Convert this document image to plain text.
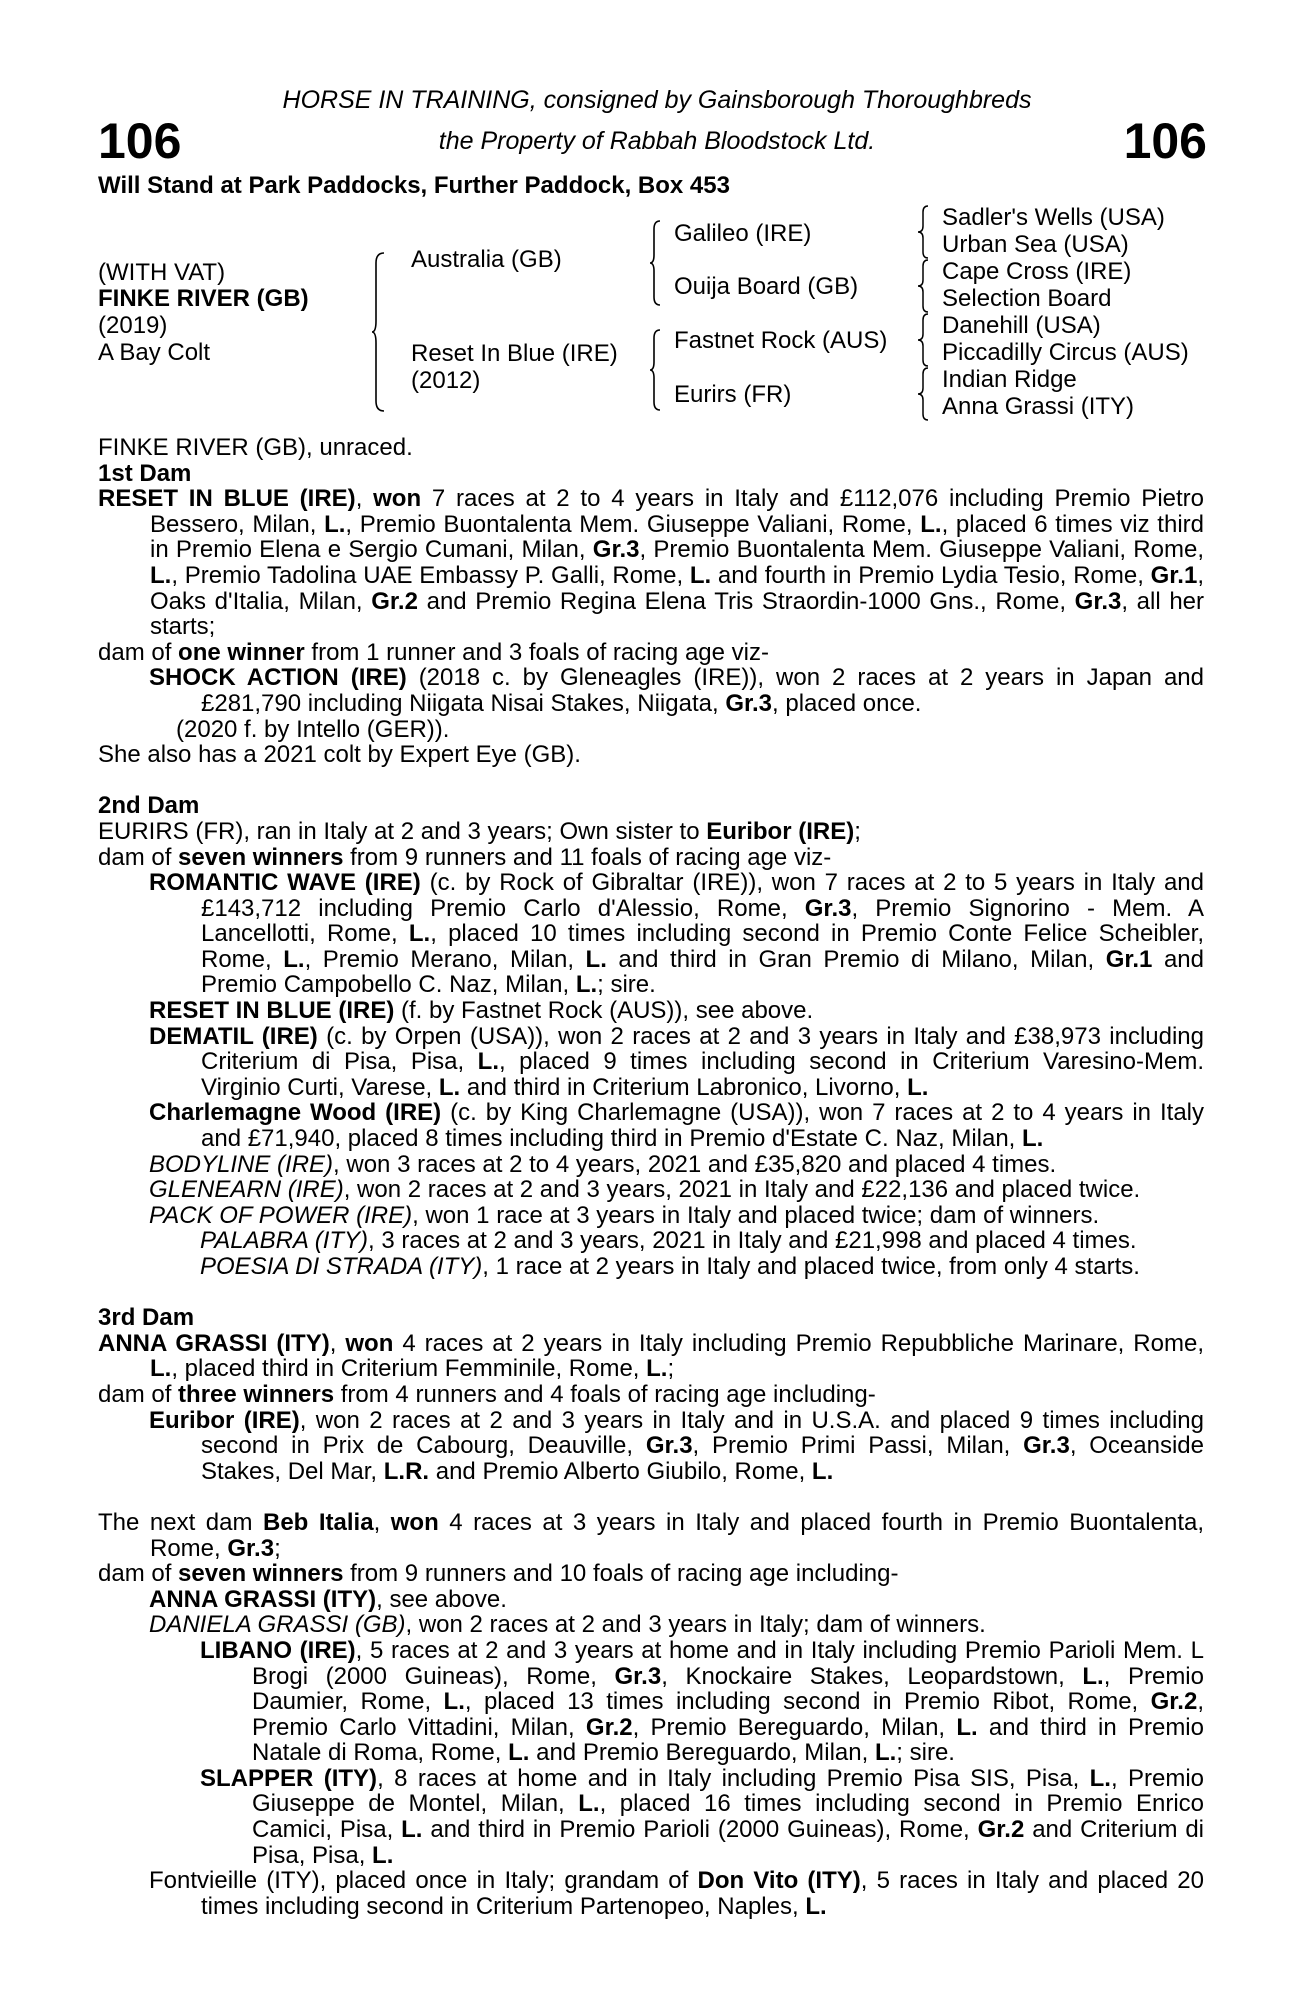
106	106
HORSE IN TRAINING, consigned by Gainsborough Thoroughbreds
the Property of Rabbah Bloodstock Ltd.
Will Stand at Park Paddocks, Further Paddock, Box 453
(WITH VAT)
FINKE RIVER (GB)
(2019)
A Bay Colt
Australia (GB)
Reset In Blue (IRE)
(2012)
Galileo (IRE)
Ouija Board (GB)
Fastnet Rock (AUS)
Eurirs (FR)
Sadler's Wells (USA)
Urban Sea (USA)
Cape Cross (IRE)
Selection Board
Danehill (USA)
Piccadilly Circus (AUS)
Indian Ridge
Anna Grassi (ITY)

FINKE RIVER (GB), unraced.

1st Dam

RESET IN BLUE (IRE), won 7 races at 2 to 4 years in Italy and £112,076 including Premio Pietro Bessero, Milan, L., Premio Buontalenta Mem. Giuseppe Valiani, Rome, L., placed 6 times viz third in Premio Elena e Sergio Cumani, Milan, Gr.3, Premio Buontalenta Mem. Giuseppe Valiani, Rome, L., Premio Tadolina UAE Embassy P. Galli, Rome, L. and fourth in Premio Lydia Tesio, Rome, Gr.1, Oaks d'Italia, Milan, Gr.2 and Premio Regina Elena Tris Straordin-1000 Gns., Rome, Gr.3, all her starts;

dam of one winner from 1 runner and 3 foals of racing age viz-

SHOCK ACTION (IRE) (2018 c. by Gleneagles (IRE)), won 2 races at 2 years in Japan and £281,790 including Niigata Nisai Stakes, Niigata, Gr.3, placed once.

(2020 f. by Intello (GER)).

She also has a 2021 colt by Expert Eye (GB).

2nd Dam

EURIRS (FR), ran in Italy at 2 and 3 years; Own sister to Euribor (IRE);

dam of seven winners from 9 runners and 11 foals of racing age viz-

ROMANTIC WAVE (IRE) (c. by Rock of Gibraltar (IRE)), won 7 races at 2 to 5 years in Italy and £143,712 including Premio Carlo d'Alessio, Rome, Gr.3, Premio Signorino - Mem. A Lancellotti, Rome, L., placed 10 times including second in Premio Conte Felice Scheibler, Rome, L., Premio Merano, Milan, L. and third in Gran Premio di Milano, Milan, Gr.1 and Premio Campobello C. Naz, Milan, L.; sire.

RESET IN BLUE (IRE) (f. by Fastnet Rock (AUS)), see above.

DEMATIL (IRE) (c. by Orpen (USA)), won 2 races at 2 and 3 years in Italy and £38,973 including Criterium di Pisa, Pisa, L., placed 9 times including second in Criterium Varesino-Mem. Virginio Curti, Varese, L. and third in Criterium Labronico, Livorno, L.

Charlemagne Wood (IRE) (c. by King Charlemagne (USA)), won 7 races at 2 to 4 years in Italy and £71,940, placed 8 times including third in Premio d'Estate C. Naz, Milan, L.

BODYLINE (IRE), won 3 races at 2 to 4 years, 2021 and £35,820 and placed 4 times.

GLENEARN (IRE), won 2 races at 2 and 3 years, 2021 in Italy and £22,136 and placed twice.

PACK OF POWER (IRE), won 1 race at 3 years in Italy and placed twice; dam of winners.

PALABRA (ITY), 3 races at 2 and 3 years, 2021 in Italy and £21,998 and placed 4 times.

POESIA DI STRADA (ITY), 1 race at 2 years in Italy and placed twice, from only 4 starts.

3rd Dam

ANNA GRASSI (ITY), won 4 races at 2 years in Italy including Premio Repubbliche Marinare, Rome, L., placed third in Criterium Femminile, Rome, L.;

dam of three winners from 4 runners and 4 foals of racing age including-

Euribor (IRE), won 2 races at 2 and 3 years in Italy and in U.S.A. and placed 9 times including second in Prix de Cabourg, Deauville, Gr.3, Premio Primi Passi, Milan, Gr.3, Oceanside Stakes, Del Mar, L.R. and Premio Alberto Giubilo, Rome, L.

The next dam Beb Italia, won 4 races at 3 years in Italy and placed fourth in Premio Buontalenta, Rome, Gr.3;

dam of seven winners from 9 runners and 10 foals of racing age including-

ANNA GRASSI (ITY), see above.

DANIELA GRASSI (GB), won 2 races at 2 and 3 years in Italy; dam of winners.

LIBANO (IRE), 5 races at 2 and 3 years at home and in Italy including Premio Parioli Mem. L Brogi (2000 Guineas), Rome, Gr.3, Knockaire Stakes, Leopardstown, L., Premio Daumier, Rome, L., placed 13 times including second in Premio Ribot, Rome, Gr.2, Premio Carlo Vittadini, Milan, Gr.2, Premio Bereguardo, Milan, L. and third in Premio Natale di Roma, Rome, L. and Premio Bereguardo, Milan, L.; sire.

SLAPPER (ITY), 8 races at home and in Italy including Premio Pisa SIS, Pisa, L., Premio Giuseppe de Montel, Milan, L., placed 16 times including second in Premio Enrico Camici, Pisa, L. and third in Premio Parioli (2000 Guineas), Rome, Gr.2 and Criterium di Pisa, Pisa, L.

Fontvieille (ITY), placed once in Italy; grandam of Don Vito (ITY), 5 races in Italy and placed 20 times including second in Criterium Partenopeo, Naples, L.
